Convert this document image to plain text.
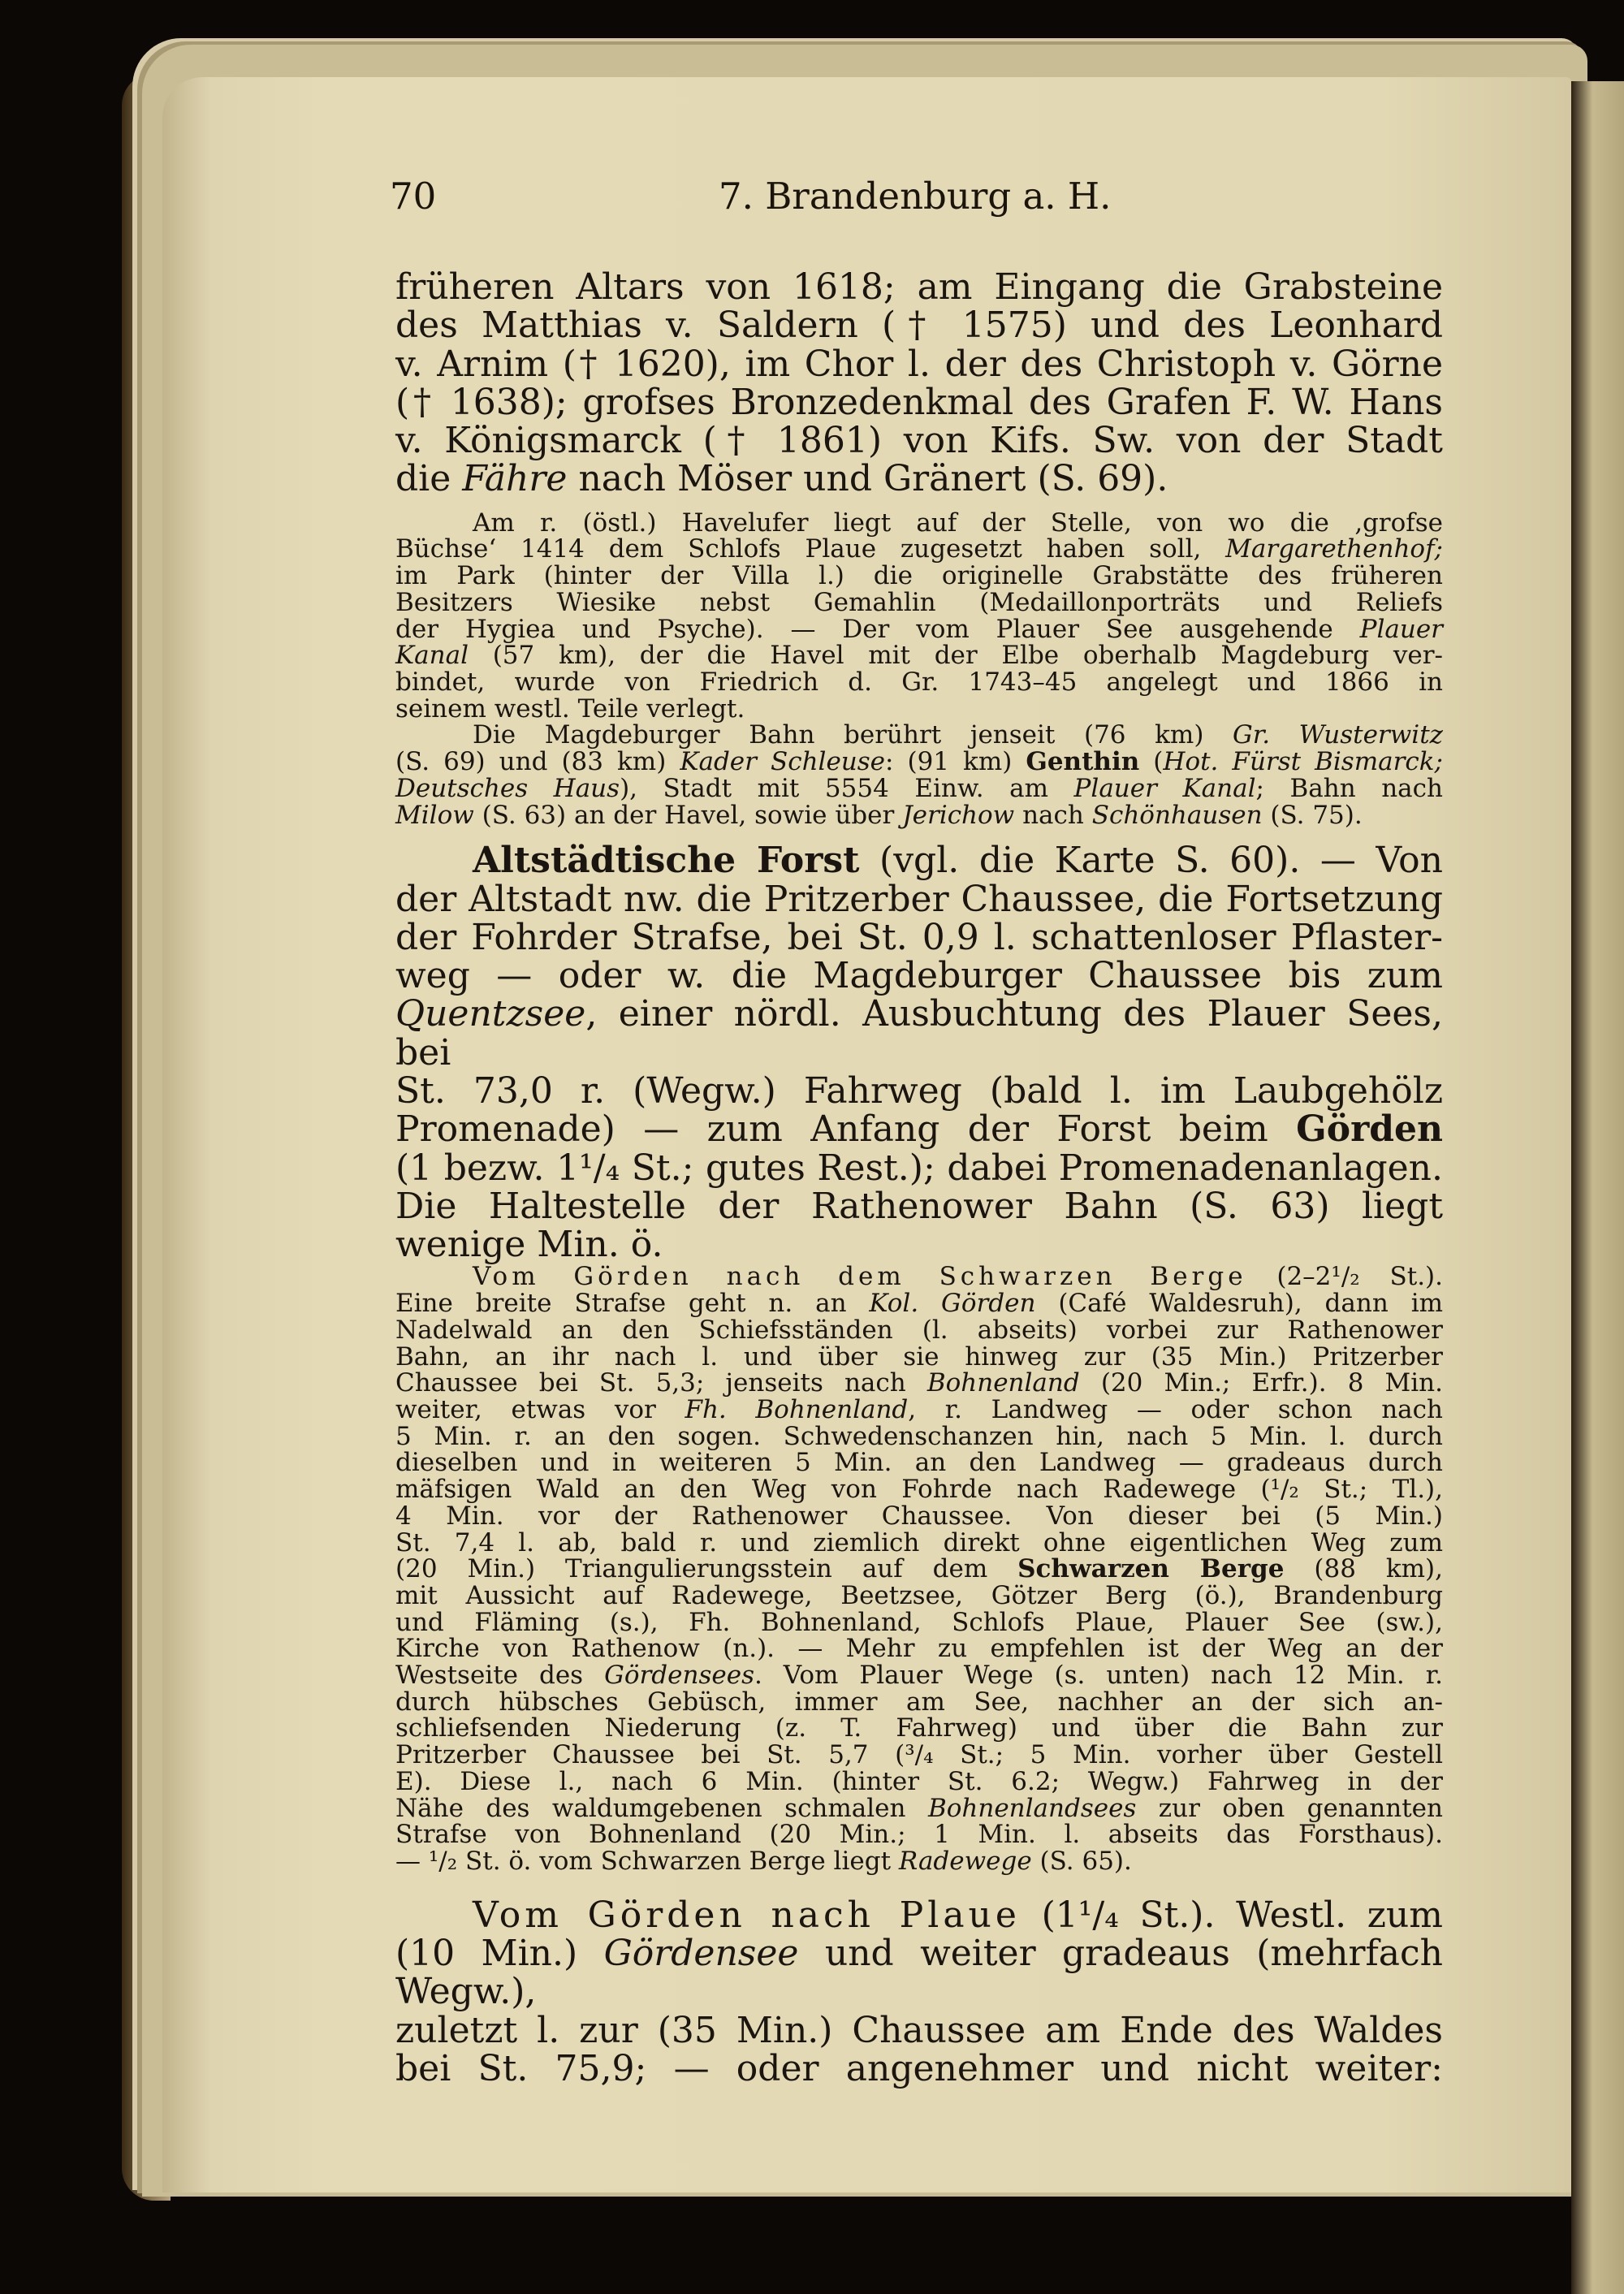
70	7. Brandenburg a. H.

früheren Altars von 1618; am Eingang die Grabsteine

des Matthias v. Saldern († 1575) und des Leonhard

v. Arnim († 1620), im Chor l. der des Christoph v. Görne

(† 1638); grofses Bronzedenkmal des Grafen F. W. Hans

v. Königsmarck († 1861) von Kifs. Sw. von der Stadt

die Fähre nach Möser und Gränert (S. 69).

Am r. (östl.) Havelufer liegt auf der Stelle, von wo die ‚grofse

Büchse‘ 1414 dem Schlofs Plaue zugesetzt haben soll, Margarethenhof;

im Park (hinter der Villa l.) die originelle Grabstätte des früheren

Besitzers Wiesike nebst Gemahlin (Medaillonporträts und Reliefs

der Hygiea und Psyche). — Der vom Plauer See ausgehende Plauer

Kanal (57 km), der die Havel mit der Elbe oberhalb Magdeburg ver-

bindet, wurde von Friedrich d. Gr. 1743–45 angelegt und 1866 in

seinem westl. Teile verlegt.

Die Magdeburger Bahn berührt jenseit (76 km) Gr. Wusterwitz

(S. 69) und (83 km) Kader Schleuse: (91 km) Genthin (Hot. Fürst Bismarck;

Deutsches Haus), Stadt mit 5554 Einw. am Plauer Kanal; Bahn nach

Milow (S. 63) an der Havel, sowie über Jerichow nach Schönhausen (S. 75).

Altstädtische Forst (vgl. die Karte S. 60). — Von

der Altstadt nw. die Pritzerber Chaussee, die Fortsetzung

der Fohrder Strafse, bei St. 0,9 l. schattenloser Pflaster-

weg — oder w. die Magdeburger Chaussee bis zum

Quentzsee, einer nördl. Ausbuchtung des Plauer Sees, bei

St. 73,0 r. (Wegw.) Fahrweg (bald l. im Laubgehölz

Promenade) — zum Anfang der Forst beim Görden

(1 bezw. 1¹/₄ St.; gutes Rest.); dabei Promenadenanlagen.

Die Haltestelle der Rathenower Bahn (S. 63) liegt

wenige Min. ö.

Vom Görden nach dem Schwarzen Berge (2–2¹/₂ St.).

Eine breite Strafse geht n. an Kol. Görden (Café Waldesruh), dann im

Nadelwald an den Schiefsständen (l. abseits) vorbei zur Rathenower

Bahn, an ihr nach l. und über sie hinweg zur (35 Min.) Pritzerber

Chaussee bei St. 5,3; jenseits nach Bohnenland (20 Min.; Erfr.). 8 Min.

weiter, etwas vor Fh. Bohnenland, r. Landweg — oder schon nach

5 Min. r. an den sogen. Schwedenschanzen hin, nach 5 Min. l. durch

dieselben und in weiteren 5 Min. an den Landweg — gradeaus durch

mäfsigen Wald an den Weg von Fohrde nach Radewege (¹/₂ St.; Tl.),

4 Min. vor der Rathenower Chaussee. Von dieser bei (5 Min.)

St. 7,4 l. ab, bald r. und ziemlich direkt ohne eigentlichen Weg zum

(20 Min.) Triangulierungsstein auf dem Schwarzen Berge (88 km),

mit Aussicht auf Radewege, Beetzsee, Götzer Berg (ö.), Brandenburg

und Fläming (s.), Fh. Bohnenland, Schlofs Plaue, Plauer See (sw.),

Kirche von Rathenow (n.). — Mehr zu empfehlen ist der Weg an der

Westseite des Gördensees. Vom Plauer Wege (s. unten) nach 12 Min. r.

durch hübsches Gebüsch, immer am See, nachher an der sich an-

schliefsenden Niederung (z. T. Fahrweg) und über die Bahn zur

Pritzerber Chaussee bei St. 5,7 (³/₄ St.; 5 Min. vorher über Gestell

E). Diese l., nach 6 Min. (hinter St. 6.2; Wegw.) Fahrweg in der

Nähe des waldumgebenen schmalen Bohnenlandsees zur oben genannten

Strafse von Bohnenland (20 Min.; 1 Min. l. abseits das Forsthaus).

— ¹/₂ St. ö. vom Schwarzen Berge liegt Radewege (S. 65).

Vom Görden nach Plaue (1¹/₄ St.). Westl. zum

(10 Min.) Gördensee und weiter gradeaus (mehrfach Wegw.),

zuletzt l. zur (35 Min.) Chaussee am Ende des Waldes

bei St. 75,9; — oder angenehmer und nicht weiter:
